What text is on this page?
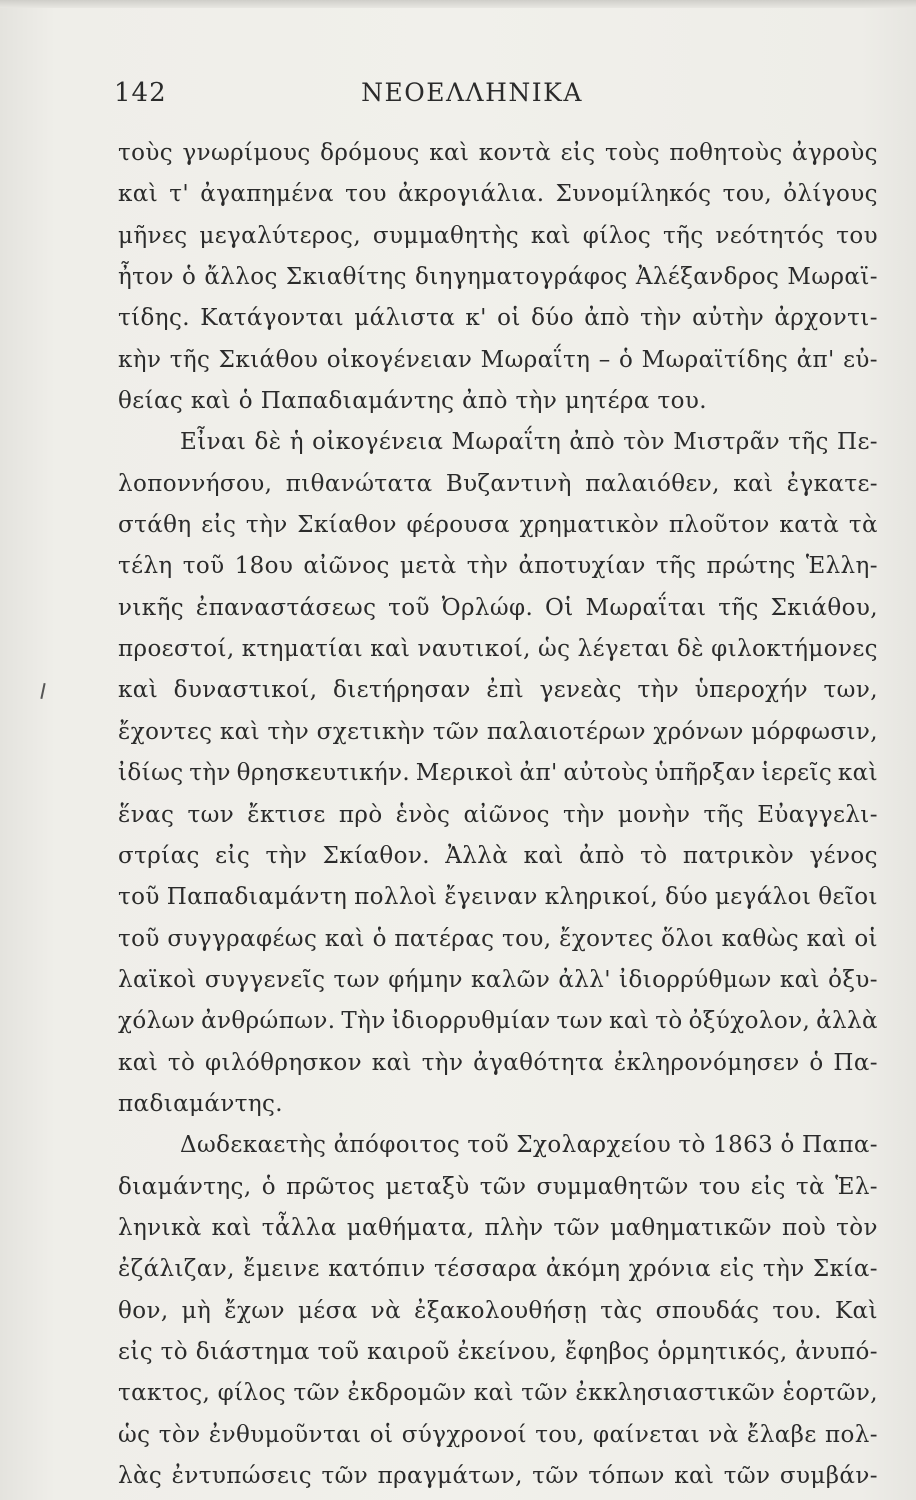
142	ΝΕΟΕΛΛΗΝΙΚΑ
τοὺς γνωρίμους δρόμους καὶ κοντὰ εἰς τοὺς ποθητοὺς ἀγροὺς
καὶ τ' ἀγαπημένα του ἀκρογιάλια. Συνομίληκός του, ὀλίγους
μῆνες μεγαλύτερος, συμμαθητὴς καὶ φίλος τῆς νεότητός του
ἦτον ὁ ἄλλος Σκιαθίτης διηγηματογράφος Ἀλέξανδρος Μωραϊ-
τίδης. Κατάγονται μάλιστα κ' οἱ δύο ἀπὸ τὴν αὐτὴν ἀρχοντι-
κὴν τῆς Σκιάθου οἰκογένειαν Μωραΐτη – ὁ Μωραϊτίδης ἀπ' εὐ-
θείας καὶ ὁ Παπαδιαμάντης ἀπὸ τὴν μητέρα του.
Εἶναι δὲ ἡ οἰκογένεια Μωραΐτη ἀπὸ τὸν Μιστρᾶν τῆς Πε-
λοποννήσου, πιθανώτατα Βυζαντινὴ παλαιόθεν, καὶ ἐγκατε-
στάθη εἰς τὴν Σκίαθον φέρουσα χρηματικὸν πλοῦτον κατὰ τὰ
τέλη τοῦ 18ου αἰῶνος μετὰ τὴν ἀποτυχίαν τῆς πρώτης Ἑλλη-
νικῆς ἐπαναστάσεως τοῦ Ὀρλώφ. Οἱ Μωραΐται τῆς Σκιάθου,
προεστοί, κτηματίαι καὶ ναυτικοί, ὡς λέγεται δὲ φιλοκτήμονες
καὶ δυναστικοί, διετήρησαν ἐπὶ γενεὰς τὴν ὑπεροχήν των,
ἔχοντες καὶ τὴν σχετικὴν τῶν παλαιοτέρων χρόνων μόρφωσιν,
ἰδίως τὴν θρησκευτικήν. Μερικοὶ ἀπ' αὐτοὺς ὑπῆρξαν ἱερεῖς καὶ
ἕνας των ἔκτισε πρὸ ἑνὸς αἰῶνος τὴν μονὴν τῆς Εὐαγγελι-
στρίας εἰς τὴν Σκίαθον. Ἀλλὰ καὶ ἀπὸ τὸ πατρικὸν γένος
τοῦ Παπαδιαμάντη πολλοὶ ἔγειναν κληρικοί, δύο μεγάλοι θεῖοι
τοῦ συγγραφέως καὶ ὁ πατέρας του, ἔχοντες ὅλοι καθὼς καὶ οἱ
λαϊκοὶ συγγενεῖς των φήμην καλῶν ἀλλ' ἰδιορρύθμων καὶ ὀξυ-
χόλων ἀνθρώπων. Τὴν ἰδιορρυθμίαν των καὶ τὸ ὀξύχολον, ἀλλὰ
καὶ τὸ φιλόθρησκον καὶ τὴν ἀγαθότητα ἐκληρονόμησεν ὁ Πα-
παδιαμάντης.
Δωδεκαετὴς ἀπόφοιτος τοῦ Σχολαρχείου τὸ 1863 ὁ Παπα-
διαμάντης, ὁ πρῶτος μεταξὺ τῶν συμμαθητῶν του εἰς τὰ Ἑλ-
ληνικὰ καὶ τἆλλα μαθήματα, πλὴν τῶν μαθηματικῶν ποὺ τὸν
ἐζάλιζαν, ἔμεινε κατόπιν τέσσαρα ἀκόμη χρόνια εἰς τὴν Σκία-
θον, μὴ ἔχων μέσα νὰ ἐξακολουθήσῃ τὰς σπουδάς του. Καὶ
εἰς τὸ διάστημα τοῦ καιροῦ ἐκείνου, ἔφηβος ὁρμητικός, ἀνυπό-
τακτος, φίλος τῶν ἐκδρομῶν καὶ τῶν ἐκκλησιαστικῶν ἑορτῶν,
ὡς τὸν ἐνθυμοῦνται οἱ σύγχρονοί του, φαίνεται νὰ ἔλαβε πολ-
λὰς ἐντυπώσεις τῶν πραγμάτων, τῶν τόπων καὶ τῶν συμβάν-
